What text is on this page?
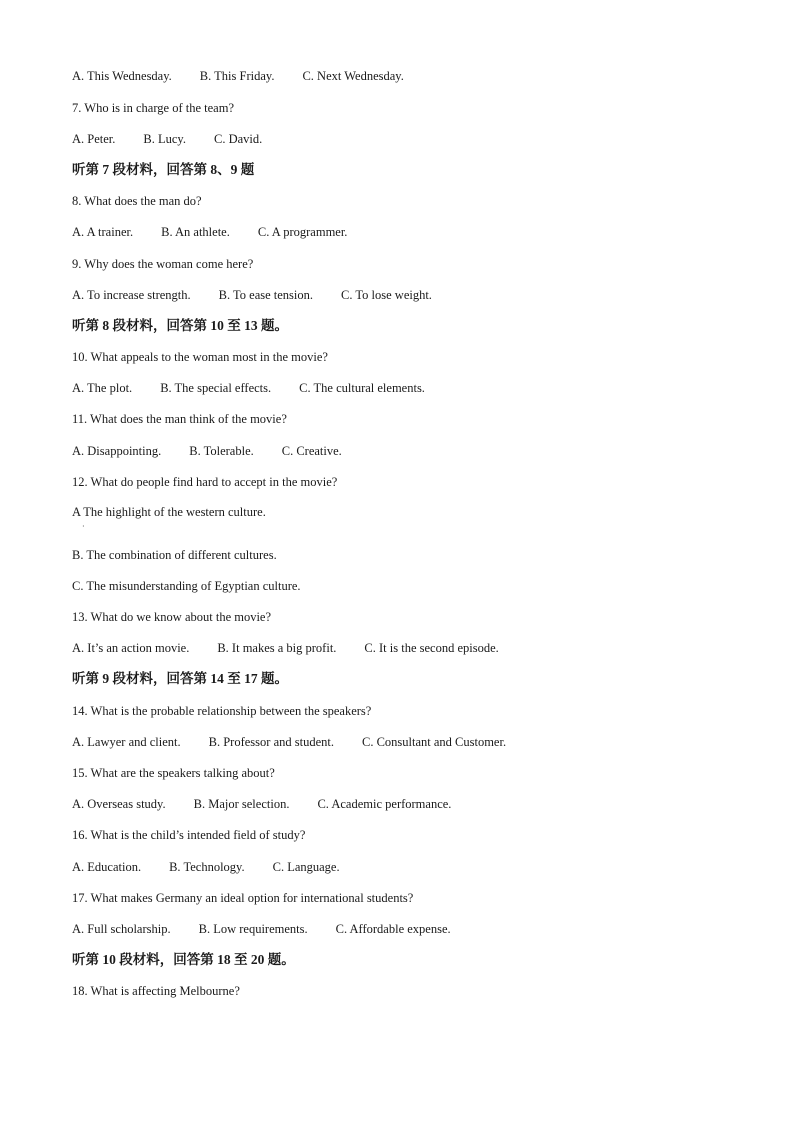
A. This Wednesday. B. This Friday. C. Next Wednesday.
7. Who is in charge of the team?
A. Peter. B. Lucy. C. David.
听第 7 段材料，回答第 8、9 题
8. What does the man do?
A. A trainer. B. An athlete. C. A programmer.
9. Why does the woman come here?
A. To increase strength. B. To ease tension. C. To lose weight.
听第 8 段材料，回答第 10 至 13 题。
10. What appeals to the woman most in the movie?
A. The plot. B. The special effects. C. The cultural elements.
11. What does the man think of the movie?
A. Disappointing. B. Tolerable. C. Creative.
12. What do people find hard to accept in the movie?
A The highlight of the western culture.
B. The combination of different cultures.
C. The misunderstanding of Egyptian culture.
13. What do we know about the movie?
A. It’s an action movie. B. It makes a big profit. C. It is the second episode.
听第 9 段材料，回答第 14 至 17 题。
14. What is the probable relationship between the speakers?
A. Lawyer and client. B. Professor and student. C. Consultant and Customer.
15. What are the speakers talking about?
A. Overseas study. B. Major selection. C. Academic performance.
16. What is the child’s intended field of study?
A. Education. B. Technology. C. Language.
17. What makes Germany an ideal option for international students?
A. Full scholarship. B. Low requirements. C. Affordable expense.
听第 10 段材料，回答第 18 至 20 题。
18. What is affecting Melbourne?
·
